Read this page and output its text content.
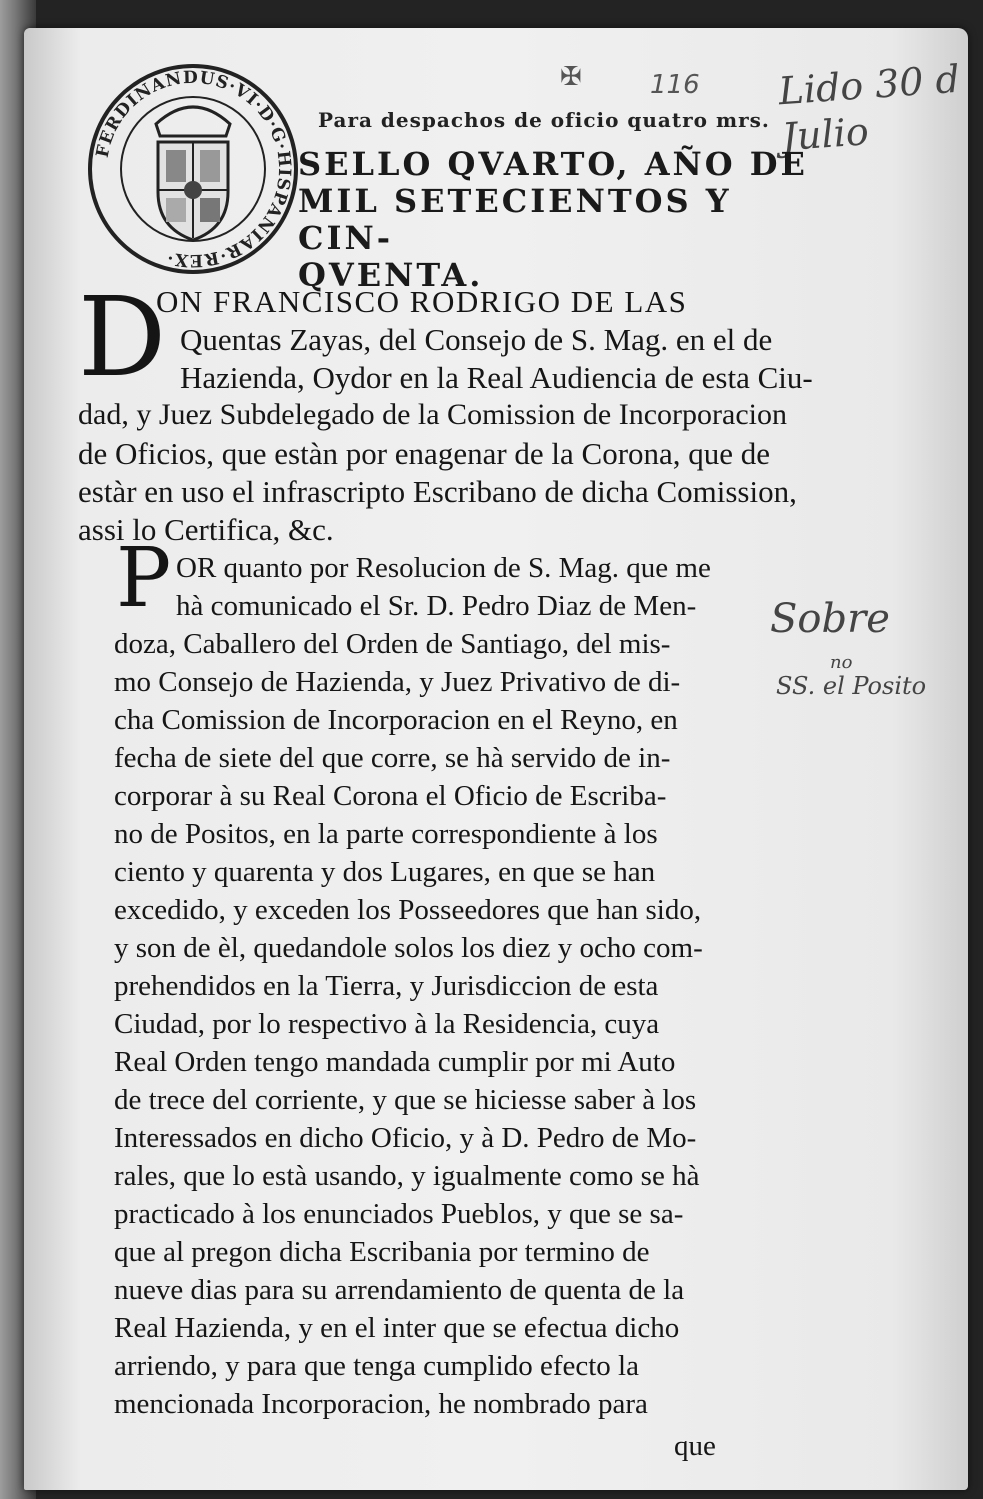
FERDINANDUS·VI·D·G·HISPANIAR·REX·
✠	116 Lido 30 d
Julio
Para despachos de oficio quatro mrs.
SELLO QVARTO, AÑO DE
MIL SETECIENTOS Y CIN-
QVENTA.
D
ON FRANCISCO RODRIGO DE LAS
Quentas Zayas, del Consejo de S. Mag. en el de
Hazienda, Oydor en la Real Audiencia de esta Ciu-
dad, y Juez Subdelegado de la Comission de Incorporacion
de Oficios, que estàn por enagenar de la Corona, que de
estàr en uso el infrascripto Escribano de dicha Comission,
assi lo Certifica, &c.
P OR quanto por Resolucion de S. Mag. que me
hà comunicado el Sr. D. Pedro Diaz de Men-
doza, Caballero del Orden de Santiago, del mis-
mo Consejo de Hazienda, y Juez Privativo de di-
cha Comission de Incorporacion en el Reyno, en
fecha de siete del que corre, se hà servido de in-
corporar à su Real Corona el Oficio de Escriba-
no de Positos, en la parte correspondiente à los
ciento y quarenta y dos Lugares, en que se han
excedido, y exceden los Posseedores que han sido,
y son de èl, quedandole solos los diez y ocho com-
prehendidos en la Tierra, y Jurisdiccion de esta
Ciudad, por lo respectivo à la Residencia, cuya
Real Orden tengo mandada cumplir por mi Auto
de trece del corriente, y que se hiciesse saber à los
Interessados en dicho Oficio, y à D. Pedro de Mo-
rales, que lo està usando, y igualmente como se hà
practicado à los enunciados Pueblos, y que se sa-
que al pregon dicha Escribania por termino de
nueve dias para su arrendamiento de quenta de la
Real Hazienda, y en el inter que se efectua dicho
arriendo, y para que tenga cumplido efecto la
mencionada Incorporacion, he nombrado para
que
Sobre
no
SS. el Posito
